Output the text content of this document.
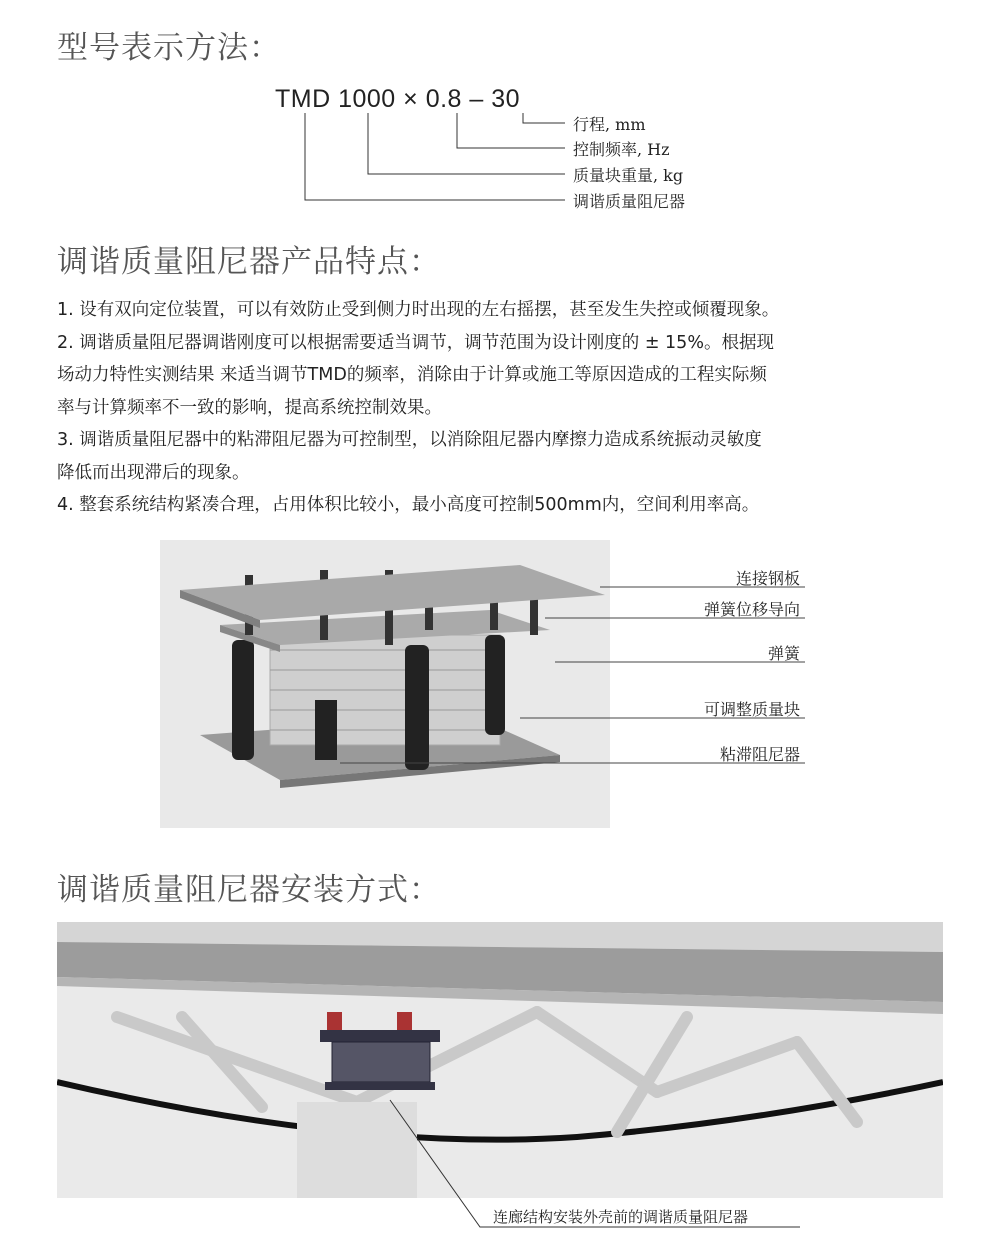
型号表示方法：
TMD 1000 × 0.8 – 30
行程, mm
控制频率, Hz
质量块重量, kg
调谐质量阻尼器
调谐质量阻尼器产品特点：
1. 设有双向定位装置，可以有效防止受到侧力时出现的左右摇摆，甚至发生失控或倾覆现象。
2. 调谐质量阻尼器调谐刚度可以根据需要适当调节，调节范围为设计刚度的 ± 15%。根据现
场动力特性实测结果 来适当调节TMD的频率，消除由于计算或施工等原因造成的工程实际频
率与计算频率不一致的影响，提高系统控制效果。
3. 调谐质量阻尼器中的粘滞阻尼器为可控制型，以消除阻尼器内摩擦力造成系统振动灵敏度
降低而出现滞后的现象。
4. 整套系统结构紧凑合理，占用体积比较小，最小高度可控制500mm内，空间利用率高。
连接钢板
弹簧位移导向
弹簧
可调整质量块
粘滞阻尼器
调谐质量阻尼器安装方式：
连廊结构安装外壳前的调谐质量阻尼器
